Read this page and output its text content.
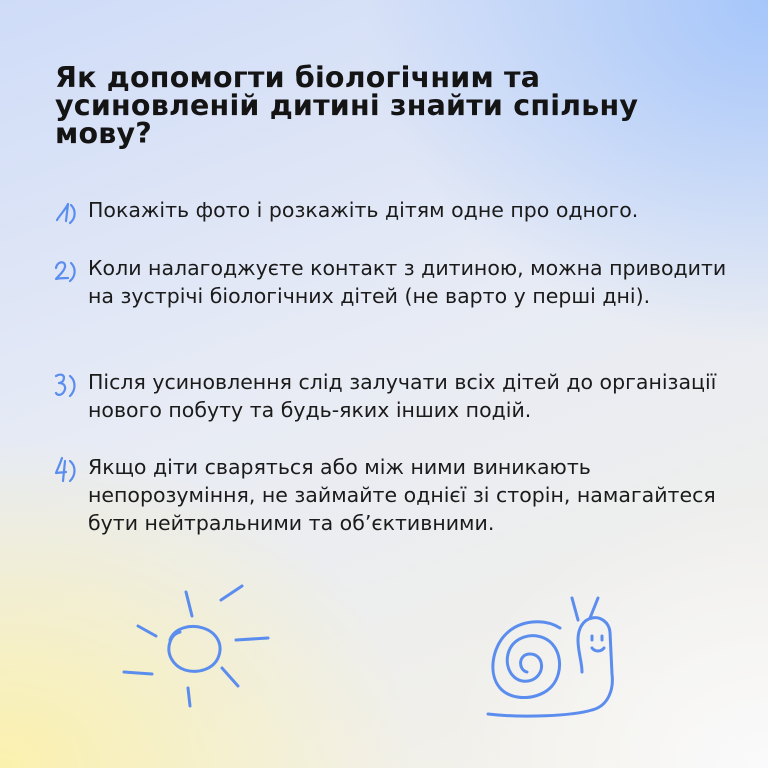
Як допомогти біологічним та усиновленій дитині знайти спільну мову?
Покажіть фото і розкажіть дітям одне про одного.
Коли налагоджуєте контакт з дитиною, можна приводити на зустрічі біологічних дітей (не варто у перші дні).
Після усиновлення слід залучати всіх дітей до організації нового побуту та будь-яких інших подій.
Якщо діти сваряться або між ними виникають непорозуміння, не займайте однієї зі сторін, намагайтеся бути нейтральними та об’єктивними.
